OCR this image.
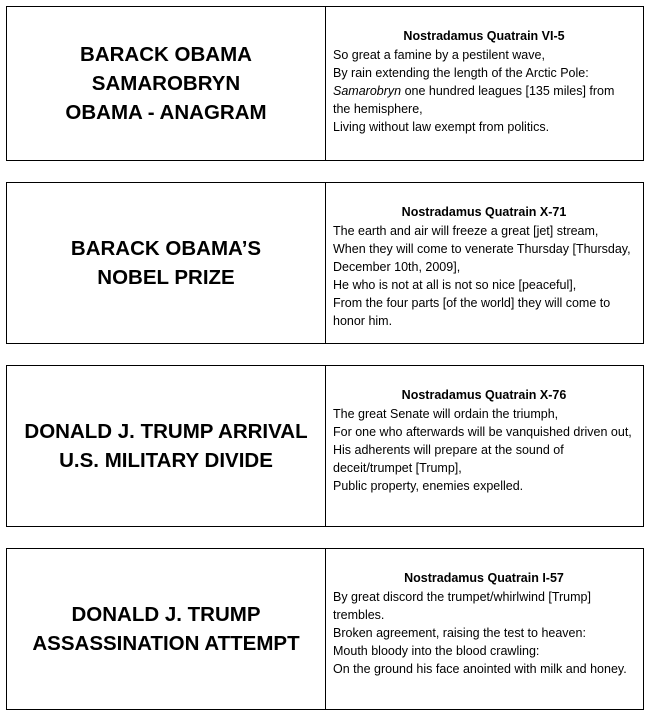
BARACK OBAMA
SAMAROBRYN
OBAMA - ANAGRAM
Nostradamus Quatrain VI-5
So great a famine by a pestilent wave,
By rain extending the length of the Arctic Pole:
Samarobryn one hundred leagues [135 miles] from the hemisphere,
Living without law exempt from politics.
BARACK OBAMA’S
NOBEL PRIZE
Nostradamus Quatrain X-71
The earth and air will freeze a great [jet] stream,
When they will come to venerate Thursday [Thursday, December 10th, 2009],
He who is not at all is not so nice [peaceful],
From the four parts [of the world] they will come to honor him.
DONALD J. TRUMP ARRIVAL
U.S. MILITARY DIVIDE
Nostradamus Quatrain X-76
The great Senate will ordain the triumph,
For one who afterwards will be vanquished driven out,
His adherents will prepare at the sound of deceit/trumpet [Trump],
Public property, enemies expelled.
DONALD J. TRUMP
ASSASSINATION ATTEMPT
Nostradamus Quatrain I-57
By great discord the trumpet/whirlwind [Trump] trembles.
Broken agreement, raising the test to heaven:
Mouth bloody into the blood crawling:
On the ground his face anointed with milk and honey.
